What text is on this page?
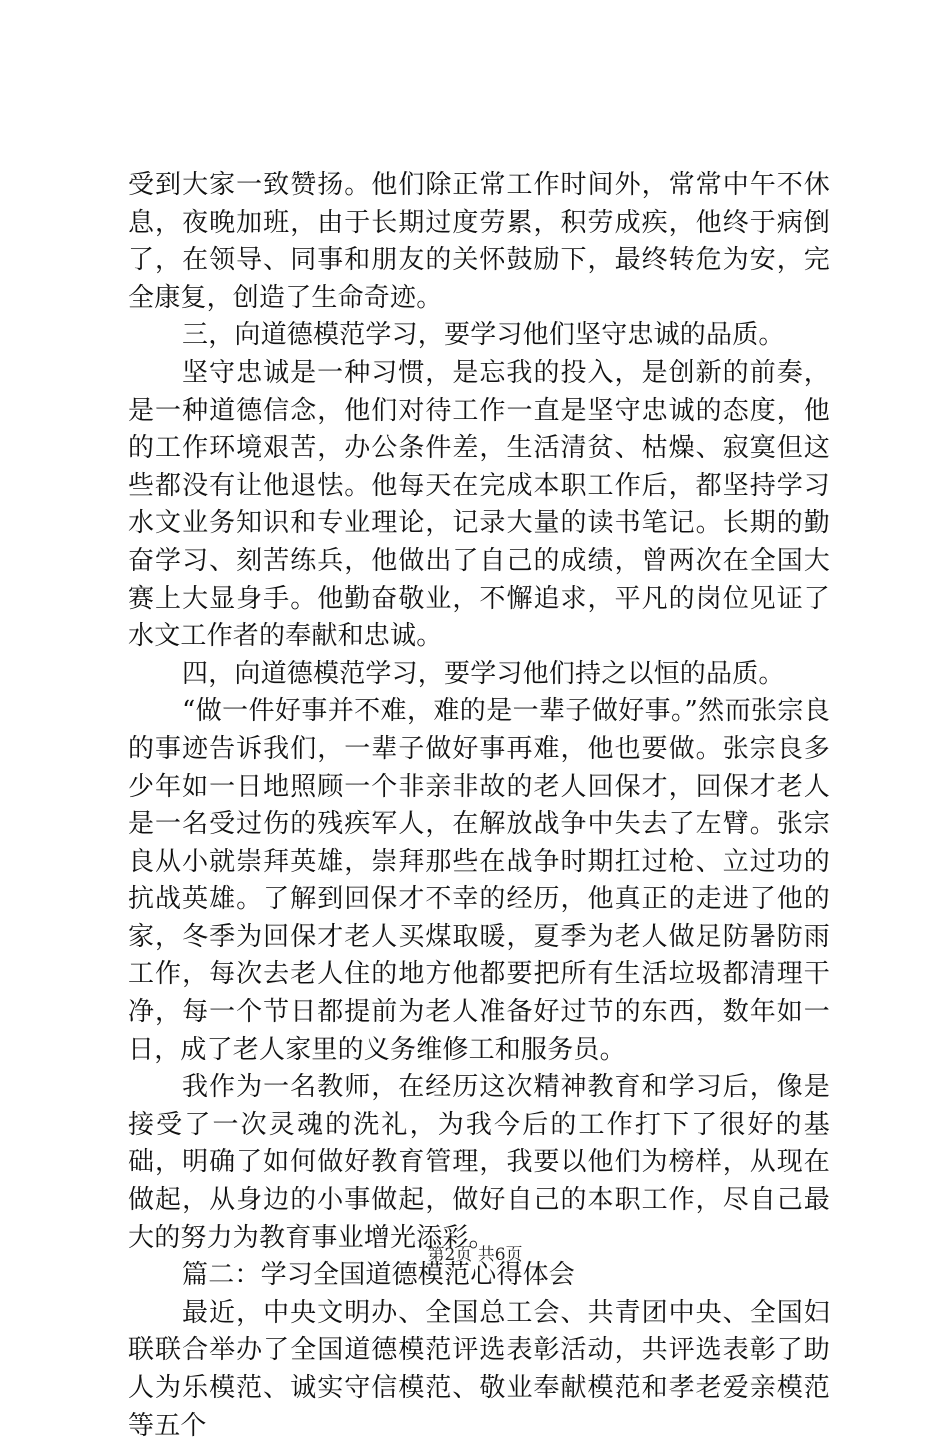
受到大家一致赞扬。他们除正常工作时间外，常常中午不休息，夜晚加班，由于长期过度劳累，积劳成疾，他终于病倒了，在领导、同事和朋友的关怀鼓励下，最终转危为安，完全康复，创造了生命奇迹。

三，向道德模范学习，要学习他们坚守忠诚的品质。

坚守忠诚是一种习惯，是忘我的投入，是创新的前奏，是一种道德信念，他们对待工作一直是坚守忠诚的态度，他的工作环境艰苦，办公条件差，生活清贫、枯燥、寂寞但这些都没有让他退怯。他每天在完成本职工作后，都坚持学习水文业务知识和专业理论，记录大量的读书笔记。长期的勤奋学习、刻苦练兵，他做出了自己的成绩，曾两次在全国大赛上大显身手。他勤奋敬业，不懈追求，平凡的岗位见证了水文工作者的奉献和忠诚。

四，向道德模范学习，要学习他们持之以恒的品质。

“做一件好事并不难，难的是一辈子做好事。”然而张宗良的事迹告诉我们，一辈子做好事再难，他也要做。张宗良多少年如一日地照顾一个非亲非故的老人回保才，回保才老人是一名受过伤的残疾军人，在解放战争中失去了左臂。张宗良从小就崇拜英雄，崇拜那些在战争时期扛过枪、立过功的抗战英雄。了解到回保才不幸的经历，他真正的走进了他的家，冬季为回保才老人买煤取暖，夏季为老人做足防暑防雨工作，每次去老人住的地方他都要把所有生活垃圾都清理干净，每一个节日都提前为老人准备好过节的东西，数年如一日，成了老人家里的义务维修工和服务员。

我作为一名教师，在经历这次精神教育和学习后，像是接受了一次灵魂的洗礼，为我今后的工作打下了很好的基础，明确了如何做好教育管理，我要以他们为榜样，从现在做起，从身边的小事做起，做好自己的本职工作，尽自己最大的努力为教育事业增光添彩。

篇二：学习全国道德模范心得体会

最近，中央文明办、全国总工会、共青团中央、全国妇联联合举办了全国道德模范评选表彰活动，共评选表彰了助人为乐模范、诚实守信模范、敬业奉献模范和孝老爱亲模范等五个

第2页 共6页
